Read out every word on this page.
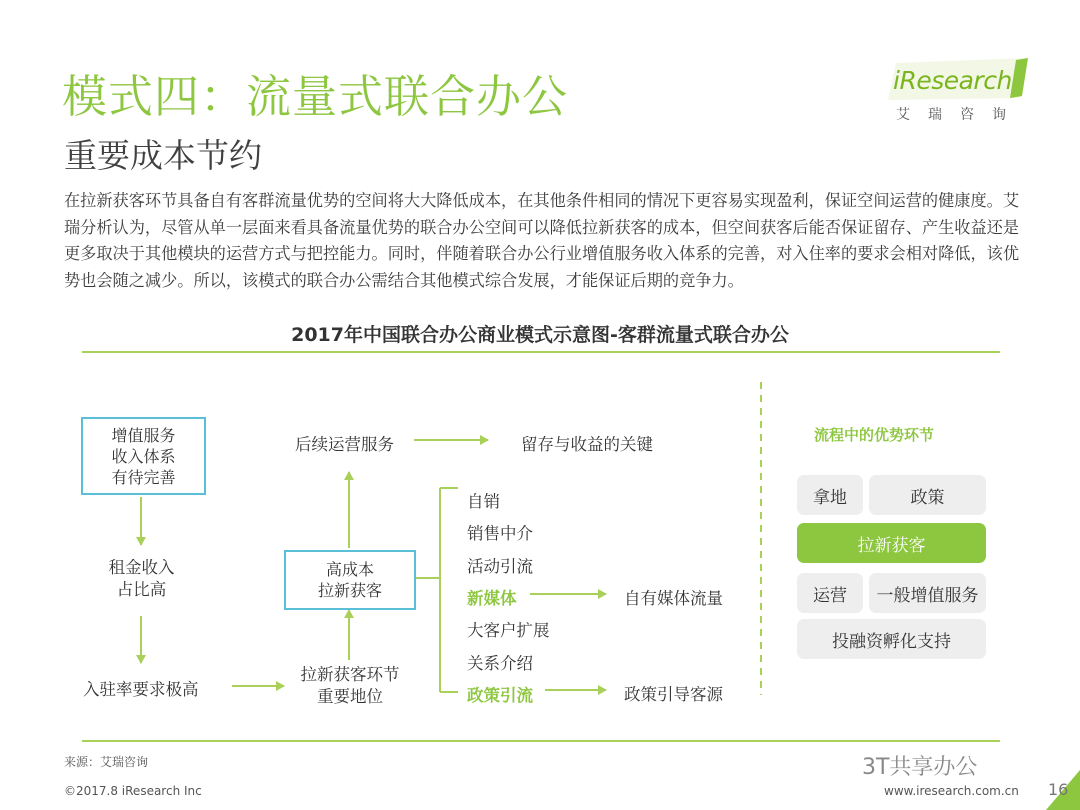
模式四：流量式联合办公
重要成本节约
iResearch
艾瑞咨询
在拉新获客环节具备自有客群流量优势的空间将大大降低成本，在其他条件相同的情况下更容易实现盈利，保证空间运营的健康度。艾瑞分析认为，尽管从单一层面来看具备流量优势的联合办公空间可以降低拉新获客的成本，但空间获客后能否保证留存、产生收益还是更多取决于其他模块的运营方式与把控能力。同时，伴随着联合办公行业增值服务收入体系的完善，对入住率的要求会相对降低，该优势也会随之减少。所以，该模式的联合办公需结合其他模式综合发展，才能保证后期的竞争力。
2017年中国联合办公商业模式示意图-客群流量式联合办公
增值服务
收入体系
有待完善
租金收入
占比高
入驻率要求极高
拉新获客环节
重要地位
高成本
拉新获客
后续运营服务	留存与收益的关键
自销
销售中介
活动引流
新媒体
大客户扩展
关系介绍
政策引流
自有媒体流量
政策引导客源
流程中的优势环节
拿地	政策
拉新获客
运营	一般增值服务
投融资孵化支持
来源：艾瑞咨询
©2017.8 iResearch Inc	www.iresearch.com.cn
3T共享办公
16
